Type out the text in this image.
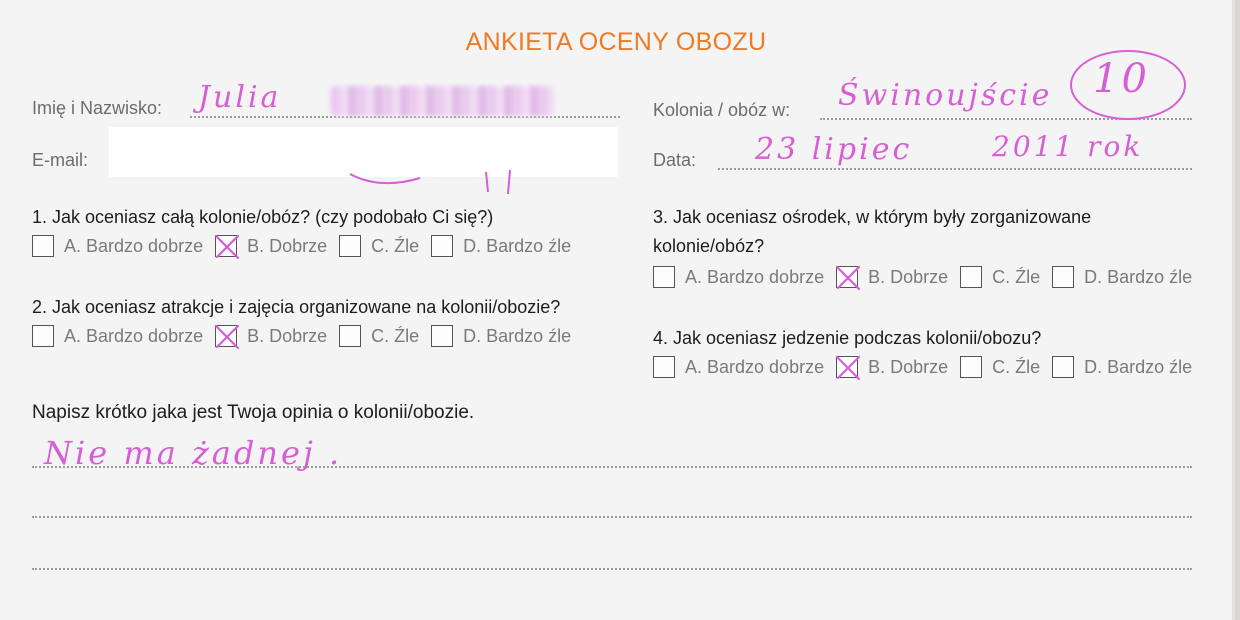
ANKIETA OCENY OBOZU
Imię i Nazwisko: Julia
E-mail:
Kolonia / obóz w: Świnoujście 10
Data: 23 lipiec	2011 rok
1. Jak oceniasz całą kolonie/obóz? (czy podobało Ci się?)
A. Bardzo dobrze B. Dobrze C. Źle D. Bardzo źle
2. Jak oceniasz atrakcje i zajęcia organizowane na kolonii/obozie?
A. Bardzo dobrze B. Dobrze C. Źle D. Bardzo źle
3. Jak oceniasz ośrodek, w którym były zorganizowane
kolonie/obóz?
A. Bardzo dobrze B. Dobrze C. Źle D. Bardzo źle
4. Jak oceniasz jedzenie podczas kolonii/obozu?
A. Bardzo dobrze B. Dobrze C. Źle D. Bardzo źle
Napisz krótko jaka jest Twoja opinia o kolonii/obozie.
Nie ma żadnej .
